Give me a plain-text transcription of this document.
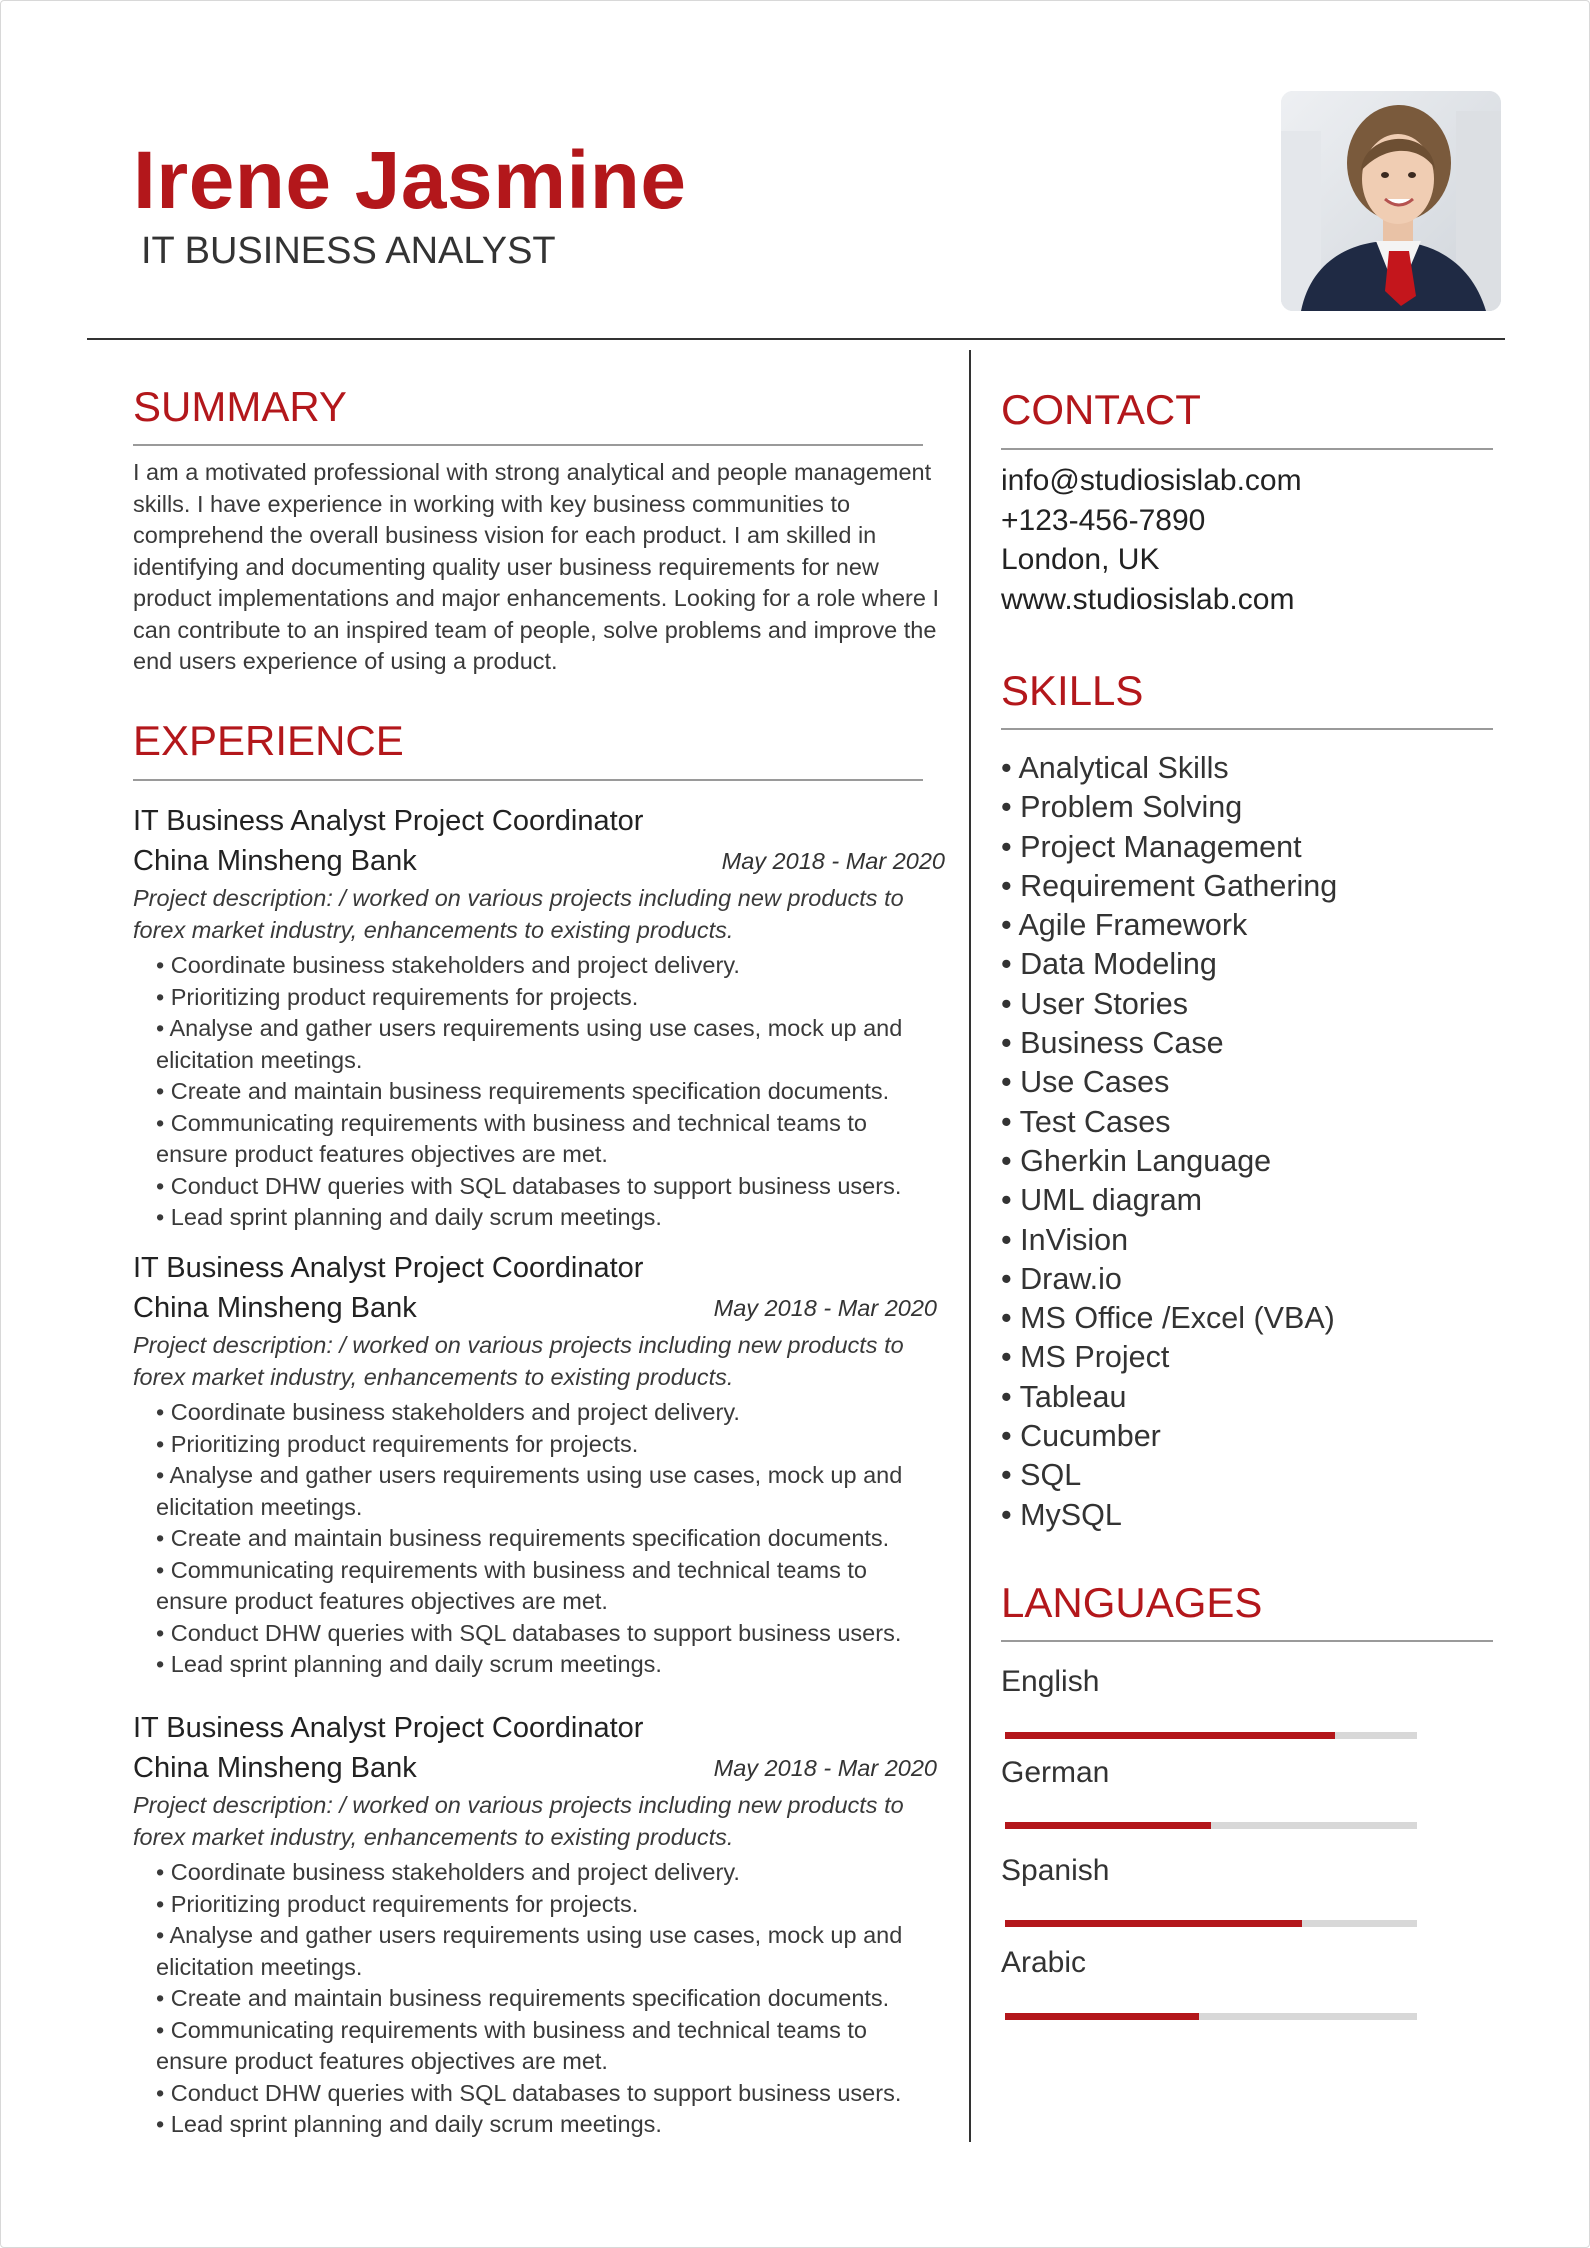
Irene Jasmine
IT BUSINESS ANALYST
SUMMARY
I am a motivated professional with strong analytical and people management skills. I have experience in working with key business communities to comprehend the overall business vision for each product. I am skilled in identifying and documenting quality user business requirements for new product implementations and major enhancements. Looking for a role where I can contribute to an inspired team of people, solve problems and improve the end users experience of using a product.
EXPERIENCE
IT Business Analyst Project Coordinator
China Minsheng Bank	May 2018 - Mar 2020
Project description: / worked on various projects including new products to forex market industry, enhancements to existing products.
• Coordinate business stakeholders and project delivery.
• Prioritizing product requirements for projects.
• Analyse and gather users requirements using use cases, mock up and elicitation meetings.
• Create and maintain business requirements specification documents.
• Communicating requirements with business and technical teams to ensure product features objectives are met.
• Conduct DHW queries with SQL databases to support business users.
• Lead sprint planning and daily scrum meetings.
IT Business Analyst Project Coordinator
China Minsheng Bank	May 2018 - Mar 2020
Project description: / worked on various projects including new products to forex market industry, enhancements to existing products.
• Coordinate business stakeholders and project delivery.
• Prioritizing product requirements for projects.
• Analyse and gather users requirements using use cases, mock up and elicitation meetings.
• Create and maintain business requirements specification documents.
• Communicating requirements with business and technical teams to ensure product features objectives are met.
• Conduct DHW queries with SQL databases to support business users.
• Lead sprint planning and daily scrum meetings.
IT Business Analyst Project Coordinator
China Minsheng Bank	May 2018 - Mar 2020
Project description: / worked on various projects including new products to forex market industry, enhancements to existing products.
• Coordinate business stakeholders and project delivery.
• Prioritizing product requirements for projects.
• Analyse and gather users requirements using use cases, mock up and elicitation meetings.
• Create and maintain business requirements specification documents.
• Communicating requirements with business and technical teams to ensure product features objectives are met.
• Conduct DHW queries with SQL databases to support business users.
• Lead sprint planning and daily scrum meetings.
CONTACT
info@studiosislab.com
+123-456-7890
London, UK
www.studiosislab.com
SKILLS
• Analytical Skills
• Problem Solving
• Project Management
• Requirement Gathering
• Agile Framework
• Data Modeling
• User Stories
• Business Case
• Use Cases
• Test Cases
• Gherkin Language
• UML diagram
• InVision
• Draw.io
• MS Office /Excel (VBA)
• MS Project
• Tableau
• Cucumber
• SQL
• MySQL
LANGUAGES
English
German
Spanish
Arabic
